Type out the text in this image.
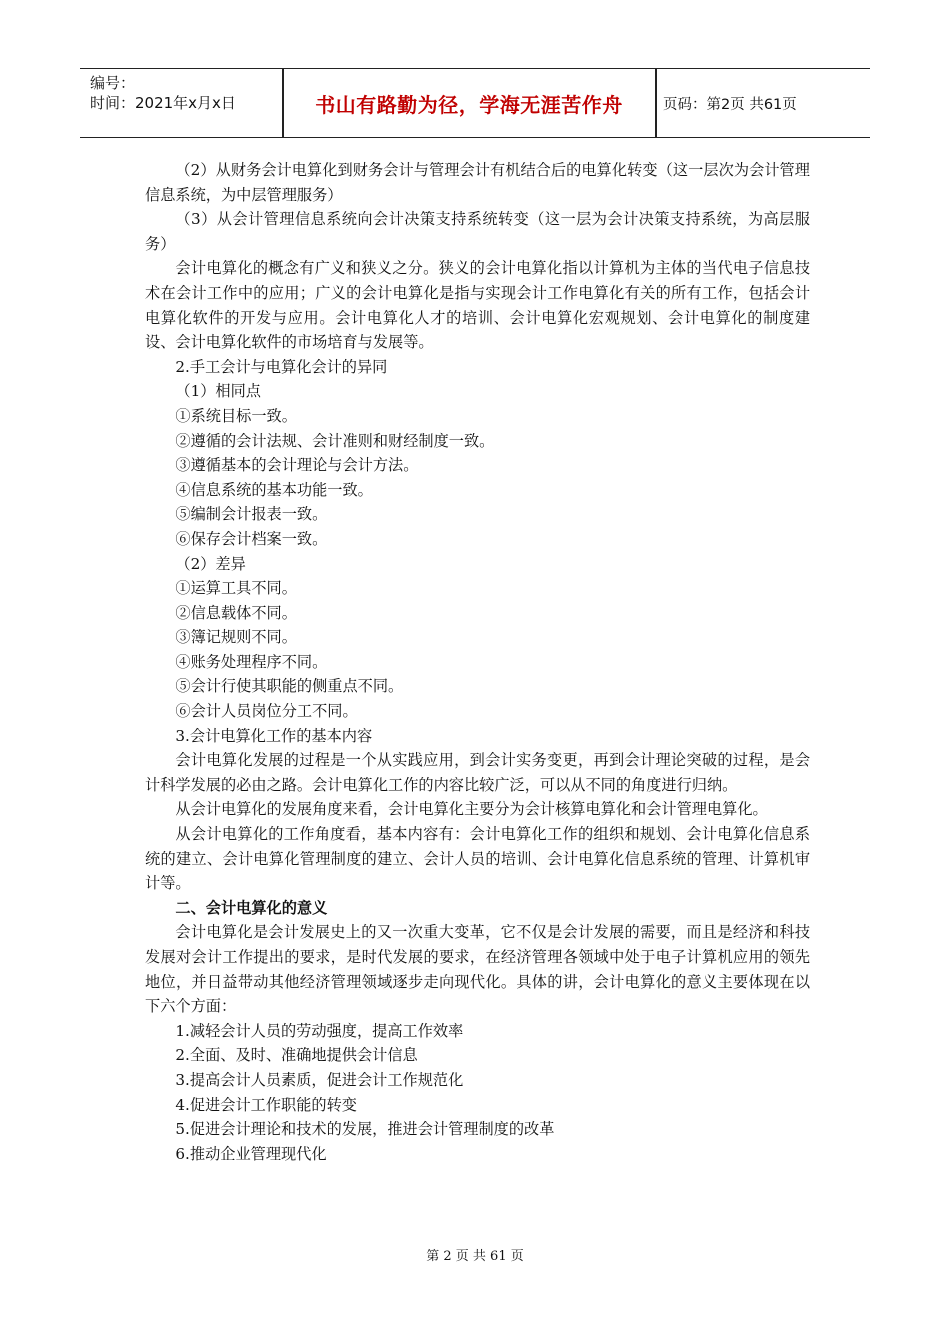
编号：
时间：2021年x月x日	书山有路勤为径，学海无涯苦作舟	页码：第2页 共61页

（2）从财务会计电算化到财务会计与管理会计有机结合后的电算化转变（这一层次为会计管理信息系统，为中层管理服务）

（3）从会计管理信息系统向会计决策支持系统转变（这一层为会计决策支持系统，为高层服务）

会计电算化的概念有广义和狭义之分。狭义的会计电算化指以计算机为主体的当代电子信息技术在会计工作中的应用；广义的会计电算化是指与实现会计工作电算化有关的所有工作，包括会计电算化软件的开发与应用。会计电算化人才的培训、会计电算化宏观规划、会计电算化的制度建设、会计电算化软件的市场培育与发展等。

2.手工会计与电算化会计的异同

（1）相同点

①系统目标一致。

②遵循的会计法规、会计准则和财经制度一致。

③遵循基本的会计理论与会计方法。

④信息系统的基本功能一致。

⑤编制会计报表一致。

⑥保存会计档案一致。

（2）差异

①运算工具不同。

②信息载体不同。

③簿记规则不同。

④账务处理程序不同。

⑤会计行使其职能的侧重点不同。

⑥会计人员岗位分工不同。

3.会计电算化工作的基本内容

会计电算化发展的过程是一个从实践应用，到会计实务变更，再到会计理论突破的过程，是会计科学发展的必由之路。会计电算化工作的内容比较广泛，可以从不同的角度进行归纳。

从会计电算化的发展角度来看，会计电算化主要分为会计核算电算化和会计管理电算化。

从会计电算化的工作角度看，基本内容有：会计电算化工作的组织和规划、会计电算化信息系统的建立、会计电算化管理制度的建立、会计人员的培训、会计电算化信息系统的管理、计算机审计等。

二、会计电算化的意义

会计电算化是会计发展史上的又一次重大变革，它不仅是会计发展的需要，而且是经济和科技发展对会计工作提出的要求，是时代发展的要求，在经济管理各领域中处于电子计算机应用的领先地位，并日益带动其他经济管理领域逐步走向现代化。具体的讲，会计电算化的意义主要体现在以下六个方面：

1.减轻会计人员的劳动强度，提高工作效率

2.全面、及时、准确地提供会计信息

3.提高会计人员素质，促进会计工作规范化

4.促进会计工作职能的转变

5.促进会计理论和技术的发展，推进会计管理制度的改革

6.推动企业管理现代化

第 2 页 共 61 页
